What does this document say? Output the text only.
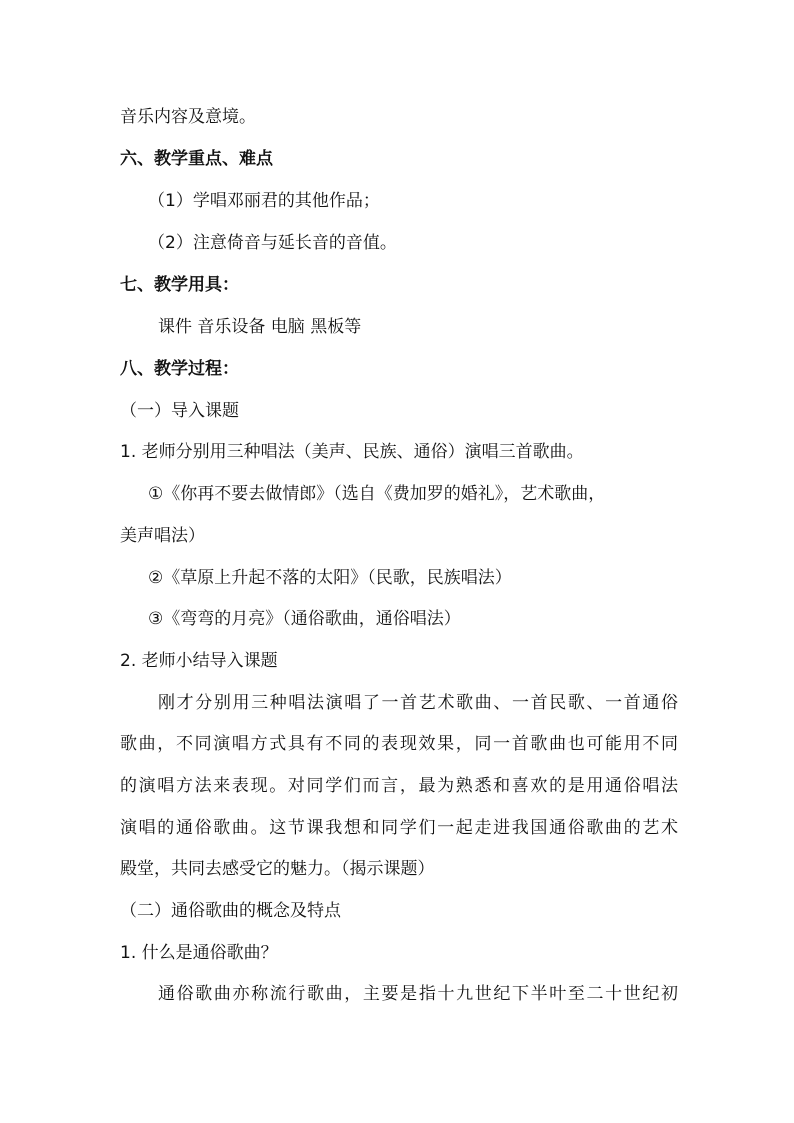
音乐内容及意境。
六、教学重点、难点
（1）学唱邓丽君的其他作品；
（2）注意倚音与延长音的音值。
七、教学用具：
课件 音乐设备 电脑 黑板等
八、教学过程：
（一）导入课题
1. 老师分别用三种唱法（美声、民族、通俗）演唱三首歌曲。
①《你再不要去做情郎》（选自《费加罗的婚礼》，艺术歌曲，
美声唱法）
②《草原上升起不落的太阳》（民歌，民族唱法）
③《弯弯的月亮》（通俗歌曲，通俗唱法）
2. 老师小结导入课题
刚才分别用三种唱法演唱了一首艺术歌曲、一首民歌、一首通俗
歌曲，不同演唱方式具有不同的表现效果，同一首歌曲也可能用不同
的演唱方法来表现。对同学们而言，最为熟悉和喜欢的是用通俗唱法
演唱的通俗歌曲。这节课我想和同学们一起走进我国通俗歌曲的艺术
殿堂，共同去感受它的魅力。（揭示课题）
（二）通俗歌曲的概念及特点
1. 什么是通俗歌曲？
通俗歌曲亦称流行歌曲，主要是指十九世纪下半叶至二十世纪初
